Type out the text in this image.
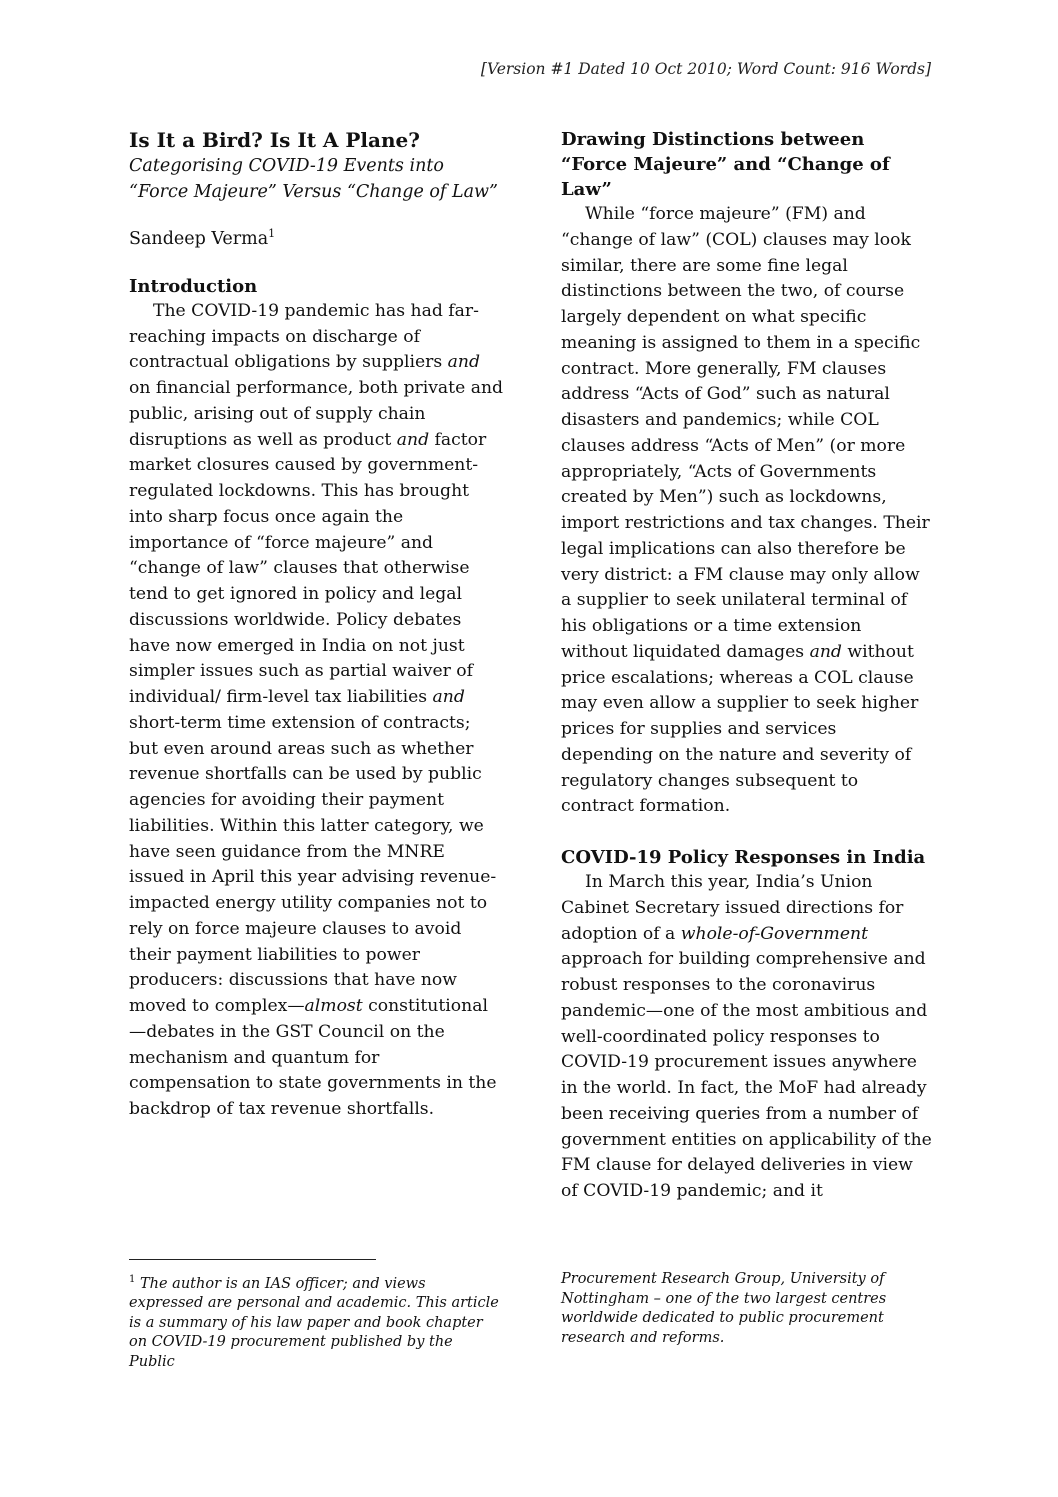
[Version #1 Dated 10 Oct 2010; Word Count: 916 Words]

Is It a Bird? Is It A Plane?

Categorising COVID-19 Events into
“Force Majeure” Versus “Change of Law”

Sandeep Verma$^1$

Introduction

The COVID-19 pandemic has had far-reaching impacts on discharge of contractual obligations by suppliers and on financial performance, both private and public, arising out of supply chain disruptions as well as product and factor market closures caused by government-regulated lockdowns. This has brought into sharp focus once again the importance of “force majeure” and “change of law” clauses that otherwise tend to get ignored in policy and legal discussions worldwide. Policy debates have now emerged in India on not just simpler issues such as partial waiver of individual/ firm-level tax liabilities and short-term time extension of contracts; but even around areas such as whether revenue shortfalls can be used by public agencies for avoiding their payment liabilities. Within this latter category, we have seen guidance from the MNRE issued in April this year advising revenue-impacted energy utility companies not to rely on force majeure clauses to avoid their payment liabilities to power producers: discussions that have now moved to complex—almost constitutional—debates in the GST Council on the mechanism and quantum for compensation to state governments in the backdrop of tax revenue shortfalls.

Drawing Distinctions between “Force Majeure” and “Change of Law”

While “force majeure” (FM) and “change of law” (COL) clauses may look similar, there are some fine legal distinctions between the two, of course largely dependent on what specific meaning is assigned to them in a specific contract. More generally, FM clauses address “Acts of God” such as natural disasters and pandemics; while COL clauses address “Acts of Men” (or more appropriately, “Acts of Governments created by Men”) such as lockdowns, import restrictions and tax changes. Their legal implications can also therefore be very district: a FM clause may only allow a supplier to seek unilateral terminal of his obligations or a time extension without liquidated damages and without price escalations; whereas a COL clause may even allow a supplier to seek higher prices for supplies and services depending on the nature and severity of regulatory changes subsequent to contract formation.

COVID-19 Policy Responses in India

In March this year, India’s Union Cabinet Secretary issued directions for adoption of a whole-of-Government approach for building comprehensive and robust responses to the coronavirus pandemic—one of the most ambitious and well-coordinated policy responses to COVID-19 procurement issues anywhere in the world. In fact, the MoF had already been receiving queries from a number of government entities on applicability of the FM clause for delayed deliveries in view of COVID-19 pandemic; and it

$^1$ The author is an IAS officer; and views expressed are personal and academic. This article is a summary of his law paper and book chapter on COVID-19 procurement published by the Public
Procurement Research Group, University of Nottingham – one of the two largest centres worldwide dedicated to public procurement research and reforms.
